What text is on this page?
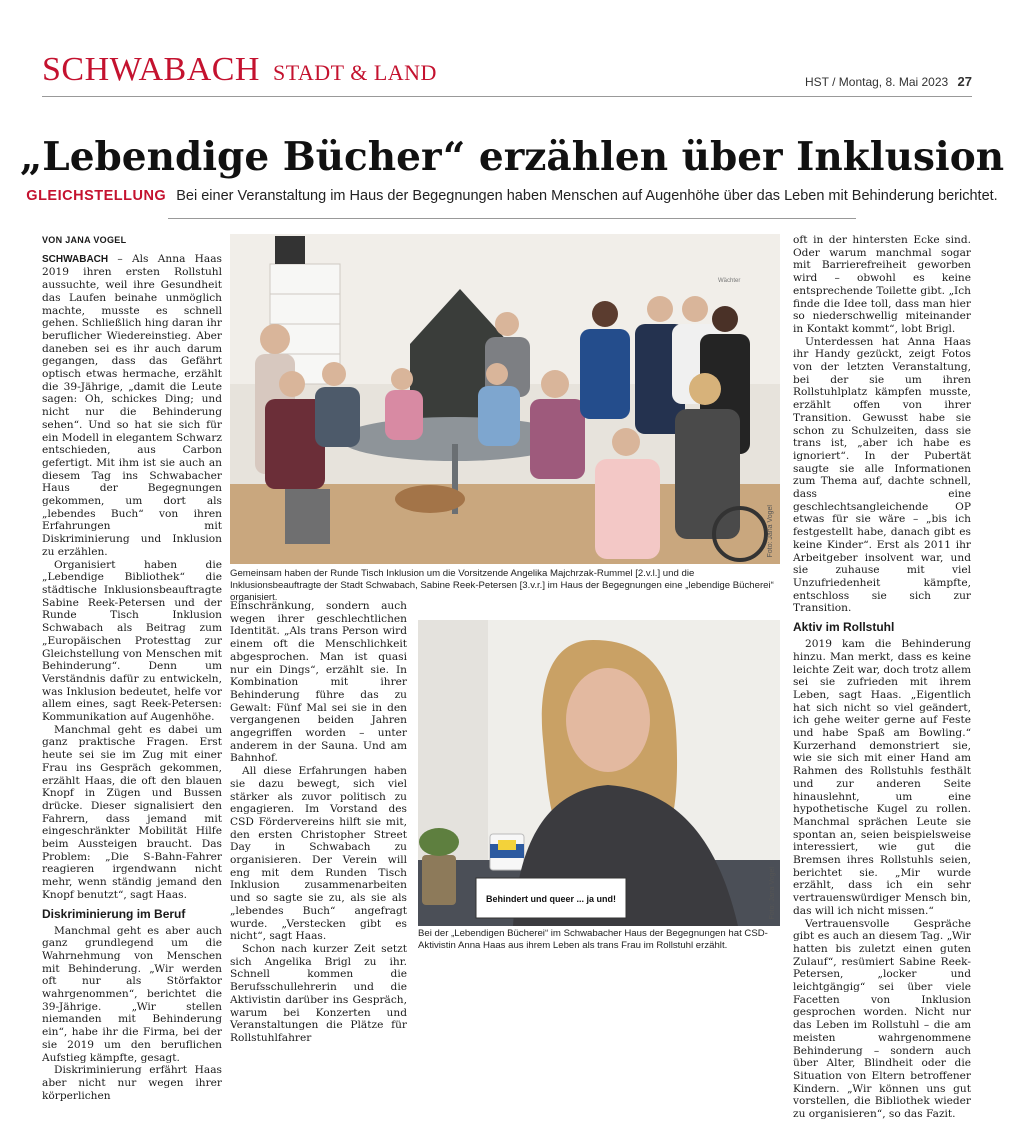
SCHWABACH STADT & LAND	HST / Montag, 8. Mai 2023 27
„Lebendige Bücher“ erzählen über Inklusion
GLEICHSTELLUNG Bei einer Veranstaltung im Haus der Begegnungen haben Menschen auf Augenhöhe über das Leben mit Behinderung berichtet.
VON JANA VOGEL

SCHWABACH – Als Anna Haas 2019 ihren ersten Rollstuhl aussuchte, weil ihre Gesundheit das Laufen beinahe unmöglich machte, musste es schnell gehen. Schließlich hing daran ihr beruflicher Wiedereinstieg. Aber daneben sei es ihr auch darum gegangen, dass das Gefährt optisch etwas hermache, erzählt die 39-Jährige, „damit die Leute sagen: Oh, schickes Ding; und nicht nur die Behinderung sehen“. Und so hat sie sich für ein Modell in elegantem Schwarz entschieden, aus Carbon gefertigt. Mit ihm ist sie auch an diesem Tag ins Schwabacher Haus der Begegnungen gekommen, um dort als „lebendes Buch“ von ihren Erfahrungen mit Diskriminierung und Inklusion zu erzählen.

Organisiert haben die „Lebendige Bibliothek“ die städtische Inklusionsbeauftragte Sabine Reek-Petersen und der Runde Tisch Inklusion Schwabach als Beitrag zum „Europäischen Protesttag zur Gleichstellung von Menschen mit Behinderung“. Denn um Verständnis dafür zu entwickeln, was Inklusion bedeutet, helfe vor allem eines, sagt Reek-Petersen: Kommunikation auf Augenhöhe.

Manchmal geht es dabei um ganz praktische Fragen. Erst heute sei sie im Zug mit einer Frau ins Gespräch gekommen, erzählt Haas, die oft den blauen Knopf in Zügen und Bussen drücke. Dieser signalisiert den Fahrern, dass jemand mit eingeschränkter Mobilität Hilfe beim Aussteigen braucht. Das Problem: „Die S-Bahn-Fahrer reagieren irgendwann nicht mehr, wenn ständig jemand den Knopf benutzt“, sagt Haas.

Diskriminierung im Beruf

Manchmal geht es aber auch ganz grundlegend um die Wahrnehmung von Menschen mit Behinderung. „Wir werden oft nur als Störfaktor wahrgenommen“, berichtet die 39-Jährige. „Wir stellen niemanden mit Behinderung ein“, habe ihr die Firma, bei der sie 2019 um den beruflichen Aufstieg kämpfte, gesagt.

Diskriminierung erfährt Haas aber nicht nur wegen ihrer körperlichen

Wächter
Foto: Jana Vogel
Gemeinsam haben der Runde Tisch Inklusion um die Vorsitzende Angelika Majchrzak-Rummel [2.v.l.] und die Inklusionsbeauftragte der Stadt Schwabach, Sabine Reek-Petersen [3.v.r.] im Haus der Begegnungen eine „lebendige Bücherei“ organisiert.

Einschränkung, sondern auch wegen ihrer geschlechtlichen Identität. „Als trans Person wird einem oft die Menschlichkeit abgesprochen. Man ist quasi nur ein Dings“, erzählt sie. In Kombination mit ihrer Behinderung führe das zu Gewalt: Fünf Mal sei sie in den vergangenen beiden Jahren angegriffen worden – unter anderem in der Sauna. Und am Bahnhof.

All diese Erfahrungen haben sie dazu bewegt, sich viel stärker als zuvor politisch zu engagieren. Im Vorstand des CSD Fördervereins hilft sie mit, den ersten Christopher Street Day in Schwabach zu organisieren. Der Verein will eng mit dem Runden Tisch Inklusion zusammenarbeiten und so sagte sie zu, als sie als „lebendes Buch“ angefragt wurde. „Verstecken gibt es nicht“, sagt Haas.

Schon nach kurzer Zeit setzt sich Angelika Brigl zu ihr. Schnell kommen die Berufsschullehrerin und die Aktivistin darüber ins Gespräch, warum bei Konzerten und Veranstaltungen die Plätze für Rollstuhlfahrer

Behindert und queer ... ja und!	Foto: Jana Vogel
Bei der „Lebendigen Bücherei“ im Schwabacher Haus der Begegnungen hat CSD-Aktivistin Anna Haas aus ihrem Leben als trans Frau im Rollstuhl erzählt.

oft in der hintersten Ecke sind. Oder warum manchmal sogar mit Barrierefreiheit geworben wird – obwohl es keine entsprechende Toilette gibt. „Ich finde die Idee toll, dass man hier so niederschwellig miteinander in Kontakt kommt“, lobt Brigl.

Unterdessen hat Anna Haas ihr Handy gezückt, zeigt Fotos von der letzten Veranstaltung, bei der sie um ihren Rollstuhlplatz kämpfen musste, erzählt offen von ihrer Transition. Gewusst habe sie schon zu Schulzeiten, dass sie trans ist, „aber ich habe es ignoriert“. In der Pubertät saugte sie alle Informationen zum Thema auf, dachte schnell, dass eine geschlechtsangleichende OP etwas für sie wäre – „bis ich festgestellt habe, danach gibt es keine Kinder“. Erst als 2011 ihr Arbeitgeber insolvent war, und sie zuhause mit viel Unzufriedenheit kämpfte, entschloss sie sich zur Transition.

Aktiv im Rollstuhl

2019 kam die Behinderung hinzu. Man merkt, dass es keine leichte Zeit war, doch trotz allem sei sie zufrieden mit ihrem Leben, sagt Haas. „Eigentlich hat sich nicht so viel geändert, ich gehe weiter gerne auf Feste und habe Spaß am Bowling.“ Kurzerhand demonstriert sie, wie sie sich mit einer Hand am Rahmen des Rollstuhls festhält und zur anderen Seite hinauslehnt, um eine hypothetische Kugel zu rollen. Manchmal sprächen Leute sie spontan an, seien beispielsweise interessiert, wie gut die Bremsen ihres Rollstuhls seien, berichtet sie. „Mir wurde erzählt, dass ich ein sehr vertrauenswürdiger Mensch bin, das will ich nicht missen.“

Vertrauensvolle Gespräche gibt es auch an diesem Tag. „Wir hatten bis zuletzt einen guten Zulauf“, resümiert Sabine Reek-Petersen, „locker und leichtgängig“ sei über viele Facetten von Inklusion gesprochen worden. Nicht nur das Leben im Rollstuhl – die am meisten wahrgenommene Behinderung – sondern auch über Alter, Blindheit oder die Situation von Eltern betroffener Kindern. „Wir können uns gut vorstellen, die Bibliothek wieder zu organisieren“, so das Fazit.
